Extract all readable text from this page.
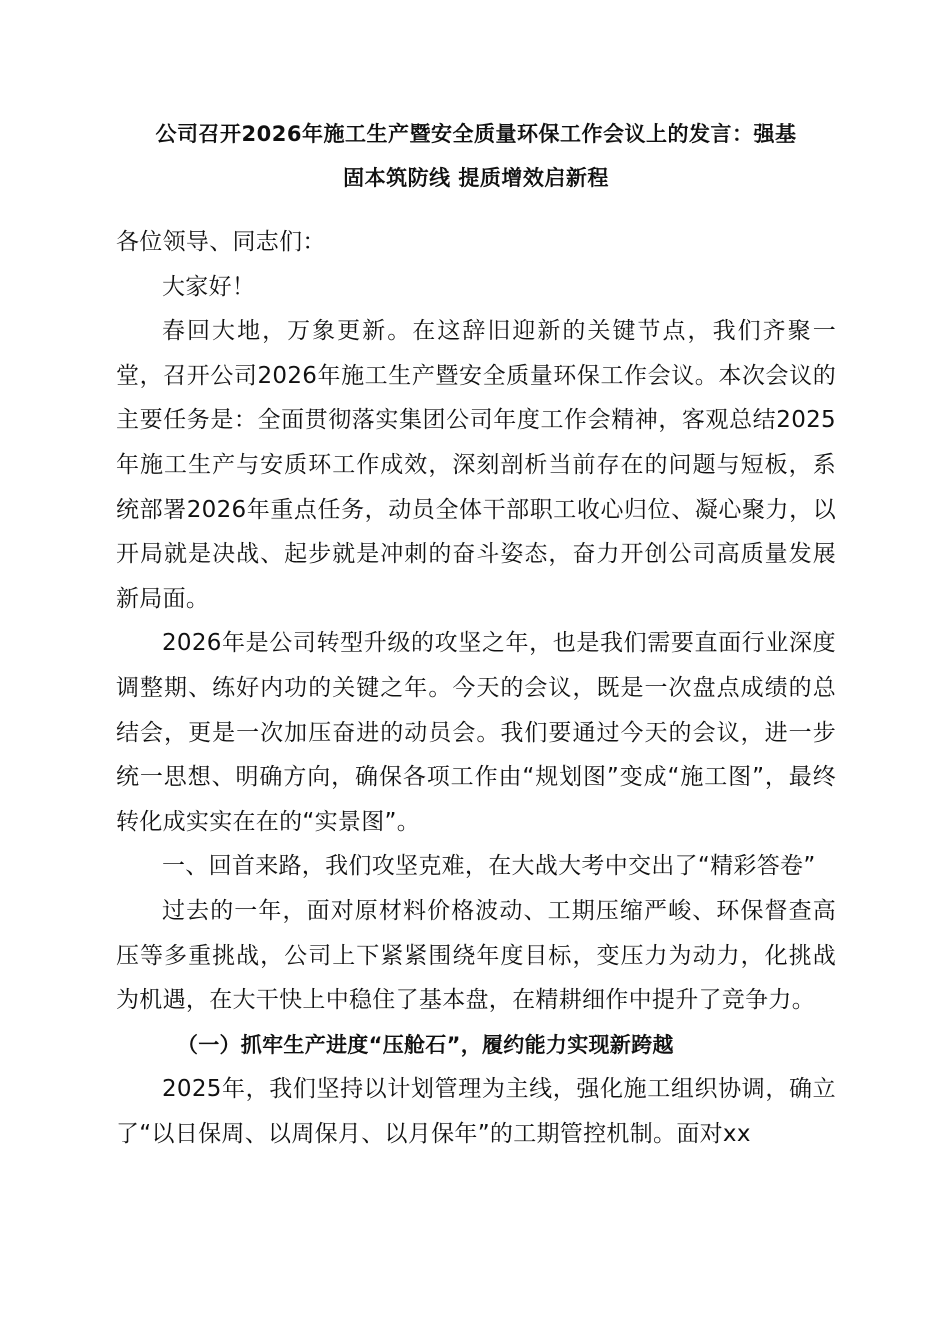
公司召开2026年施工生产暨安全质量环保工作会议上的发言：强基
固本筑防线 提质增效启新程

各位领导、同志们：

大家好！

春回大地，万象更新。在这辞旧迎新的关键节点，我们齐聚一堂，召开公司2026年施工生产暨安全质量环保工作会议。本次会议的主要任务是：全面贯彻落实集团公司年度工作会精神，客观总结2025年施工生产与安质环工作成效，深刻剖析当前存在的问题与短板，系统部署2026年重点任务，动员全体干部职工收心归位、凝心聚力，以开局就是决战、起步就是冲刺的奋斗姿态，奋力开创公司高质量发展新局面。

2026年是公司转型升级的攻坚之年，也是我们需要直面行业深度调整期、练好内功的关键之年。今天的会议，既是一次盘点成绩的总结会，更是一次加压奋进的动员会。我们要通过今天的会议，进一步统一思想、明确方向，确保各项工作由“规划图”变成“施工图”，最终转化成实实在在的“实景图”。

一、回首来路，我们攻坚克难，在大战大考中交出了“精彩答卷”

过去的一年，面对原材料价格波动、工期压缩严峻、环保督查高压等多重挑战，公司上下紧紧围绕年度目标，变压力为动力，化挑战为机遇，在大干快上中稳住了基本盘，在精耕细作中提升了竞争力。

（一）抓牢生产进度“压舱石”，履约能力实现新跨越

2025年，我们坚持以计划管理为主线，强化施工组织协调，确立了“以日保周、以周保月、以月保年”的工期管控机制。面对xx
